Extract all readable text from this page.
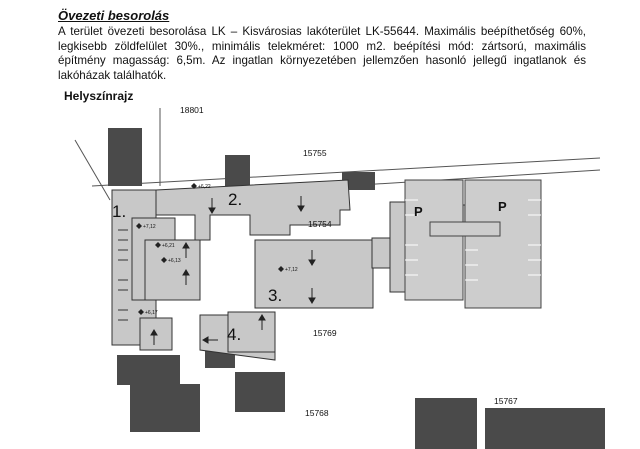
Övezeti besorolás
A terület övezeti besorolása LK – Kisvárosias lakóterület LK-55644. Maximális beépíthetőség 60%, legkisebb zöldfelület 30%., minimális telekméret: 1000 m2. beépítési mód: zártsorú, maximális építmény magasság: 6,5m. Az ingatlan környezetében jellemzően hasonló jellegű ingatlanok és lakóházak találhatók.
Helyszínrajz
18801
15755
15754
15769
15768
15767
1.
2.
3.
4.
P	P
+6,22
+7,12
+6,21
+6,13
+7,12
+6,17
